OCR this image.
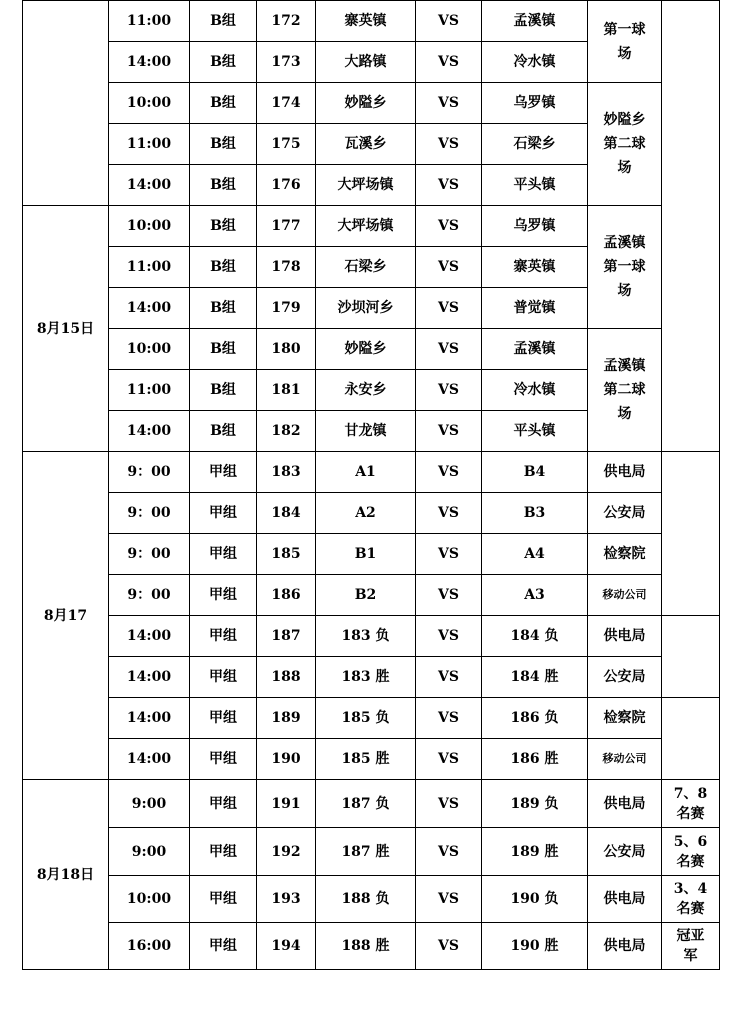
	11:00	B组	172	寨英镇	VS	孟溪镇	第一球
场	
	14:00	B组	173	大路镇	VS	冷水镇		
	10:00	B组	174	妙隘乡	VS	乌罗镇	妙隘乡
第二球
场	
	11:00	B组	175	瓦溪乡	VS	石梁乡		
	14:00	B组	176	大坪场镇	VS	平头镇		
8月15日	10:00	B组	177	大坪场镇	VS	乌罗镇	孟溪镇
第一球
场	
	11:00	B组	178	石梁乡	VS	寨英镇		
	14:00	B组	179	沙坝河乡	VS	普觉镇		
	10:00	B组	180	妙隘乡	VS	孟溪镇	孟溪镇
第二球
场	
	11:00	B组	181	永安乡	VS	冷水镇		
	14:00	B组	182	甘龙镇	VS	平头镇		
8月17	9：00	甲组	183	A1	VS	B4	供电局	
	9：00	甲组	184	A2	VS	B3	公安局	
	9：00	甲组	185	B1	VS	A4	检察院	
	9：00	甲组	186	B2	VS	A3	移动公司	
	14:00	甲组	187	183 负	VS	184 负	供电局	
	14:00	甲组	188	183 胜	VS	184 胜	公安局	
	14:00	甲组	189	185 负	VS	186 负	检察院	
	14:00	甲组	190	185 胜	VS	186 胜	移动公司	
8月18日	9:00	甲组	191	187 负	VS	189 负	供电局	7、8
名赛
	9:00	甲组	192	187 胜	VS	189 胜	公安局	5、6
名赛
	10:00	甲组	193	188 负	VS	190 负	供电局	3、4
名赛
	16:00	甲组	194	188 胜	VS	190 胜	供电局	冠亚
军
